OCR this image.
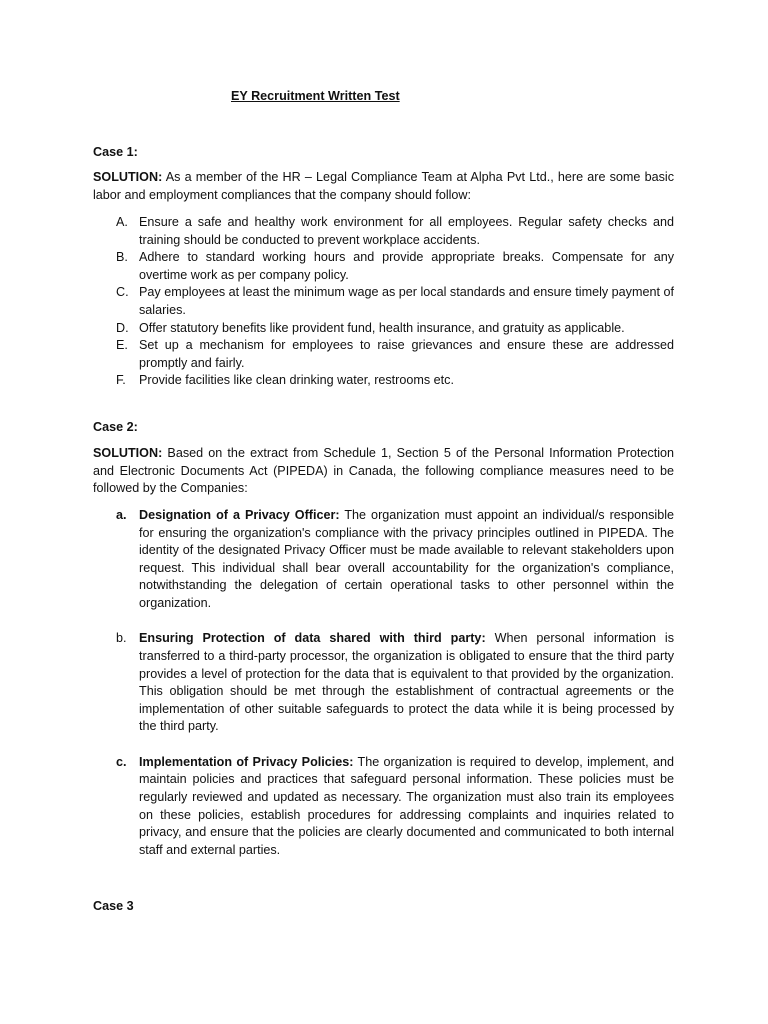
EY Recruitment Written Test
Case 1:
SOLUTION: As a member of the HR – Legal Compliance Team at Alpha Pvt Ltd., here are some basic labor and employment compliances that the company should follow:
A. Ensure a safe and healthy work environment for all employees. Regular safety checks and training should be conducted to prevent workplace accidents.
B. Adhere to standard working hours and provide appropriate breaks. Compensate for any overtime work as per company policy.
C. Pay employees at least the minimum wage as per local standards and ensure timely payment of salaries.
D. Offer statutory benefits like provident fund, health insurance, and gratuity as applicable.
E. Set up a mechanism for employees to raise grievances and ensure these are addressed promptly and fairly.
F. Provide facilities like clean drinking water, restrooms etc.
Case 2:
SOLUTION: Based on the extract from Schedule 1, Section 5 of the Personal Information Protection and Electronic Documents Act (PIPEDA) in Canada, the following compliance measures need to be followed by the Companies:
a. Designation of a Privacy Officer: The organization must appoint an individual/s responsible for ensuring the organization's compliance with the privacy principles outlined in PIPEDA. The identity of the designated Privacy Officer must be made available to relevant stakeholders upon request. This individual shall bear overall accountability for the organization's compliance, notwithstanding the delegation of certain operational tasks to other personnel within the organization.
b. Ensuring Protection of data shared with third party: When personal information is transferred to a third-party processor, the organization is obligated to ensure that the third party provides a level of protection for the data that is equivalent to that provided by the organization. This obligation should be met through the establishment of contractual agreements or the implementation of other suitable safeguards to protect the data while it is being processed by the third party.
c. Implementation of Privacy Policies: The organization is required to develop, implement, and maintain policies and practices that safeguard personal information. These policies must be regularly reviewed and updated as necessary. The organization must also train its employees on these policies, establish procedures for addressing complaints and inquiries related to privacy, and ensure that the policies are clearly documented and communicated to both internal staff and external parties.
Case 3
